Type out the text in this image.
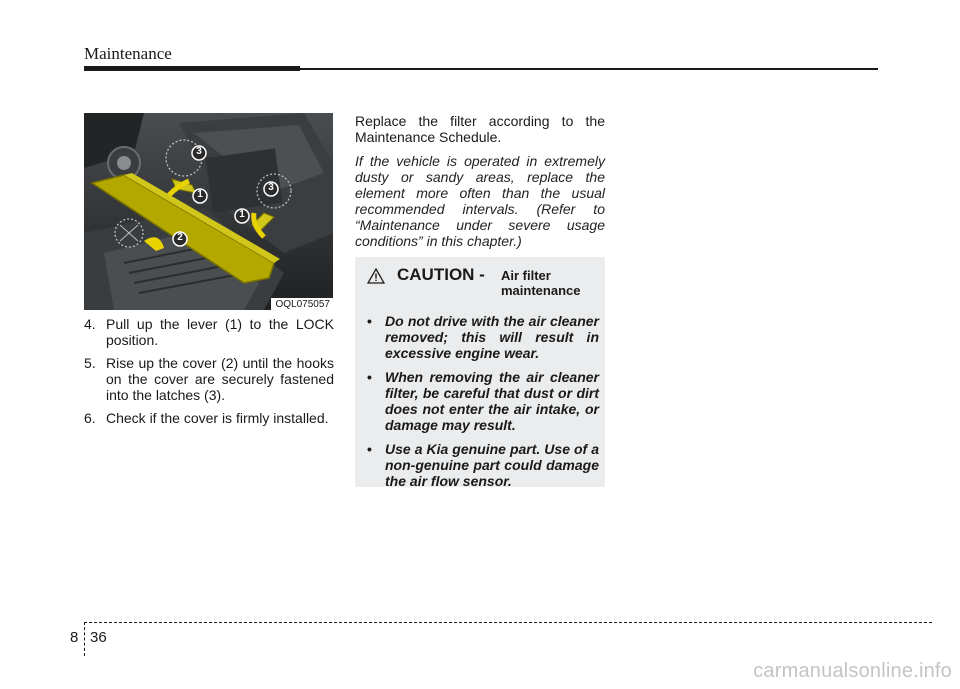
Maintenance
3
3
1
1
2
OQL075057
4. Pull up the lever (1) to the LOCK position.
5. Rise up the cover (2) until the hooks on the cover are securely fastened into the latches (3).
6. Check if the cover is firmly installed.

Replace the filter according to the Maintenance Schedule.

If the vehicle is operated in extremely dusty or sandy areas, replace the element more often than the usual recommended intervals. (Refer to “Maintenance under severe usage conditions” in this chapter.)

CAUTION - Air filter maintenance
• Do not drive with the air cleaner removed; this will result in excessive engine wear.
• When removing the air cleaner filter, be careful that dust or dirt does not enter the air intake, or damage may result.
• Use a Kia genuine part. Use of a non-genuine part could damage the air flow sensor.
8 36
carmanualsonline.info
